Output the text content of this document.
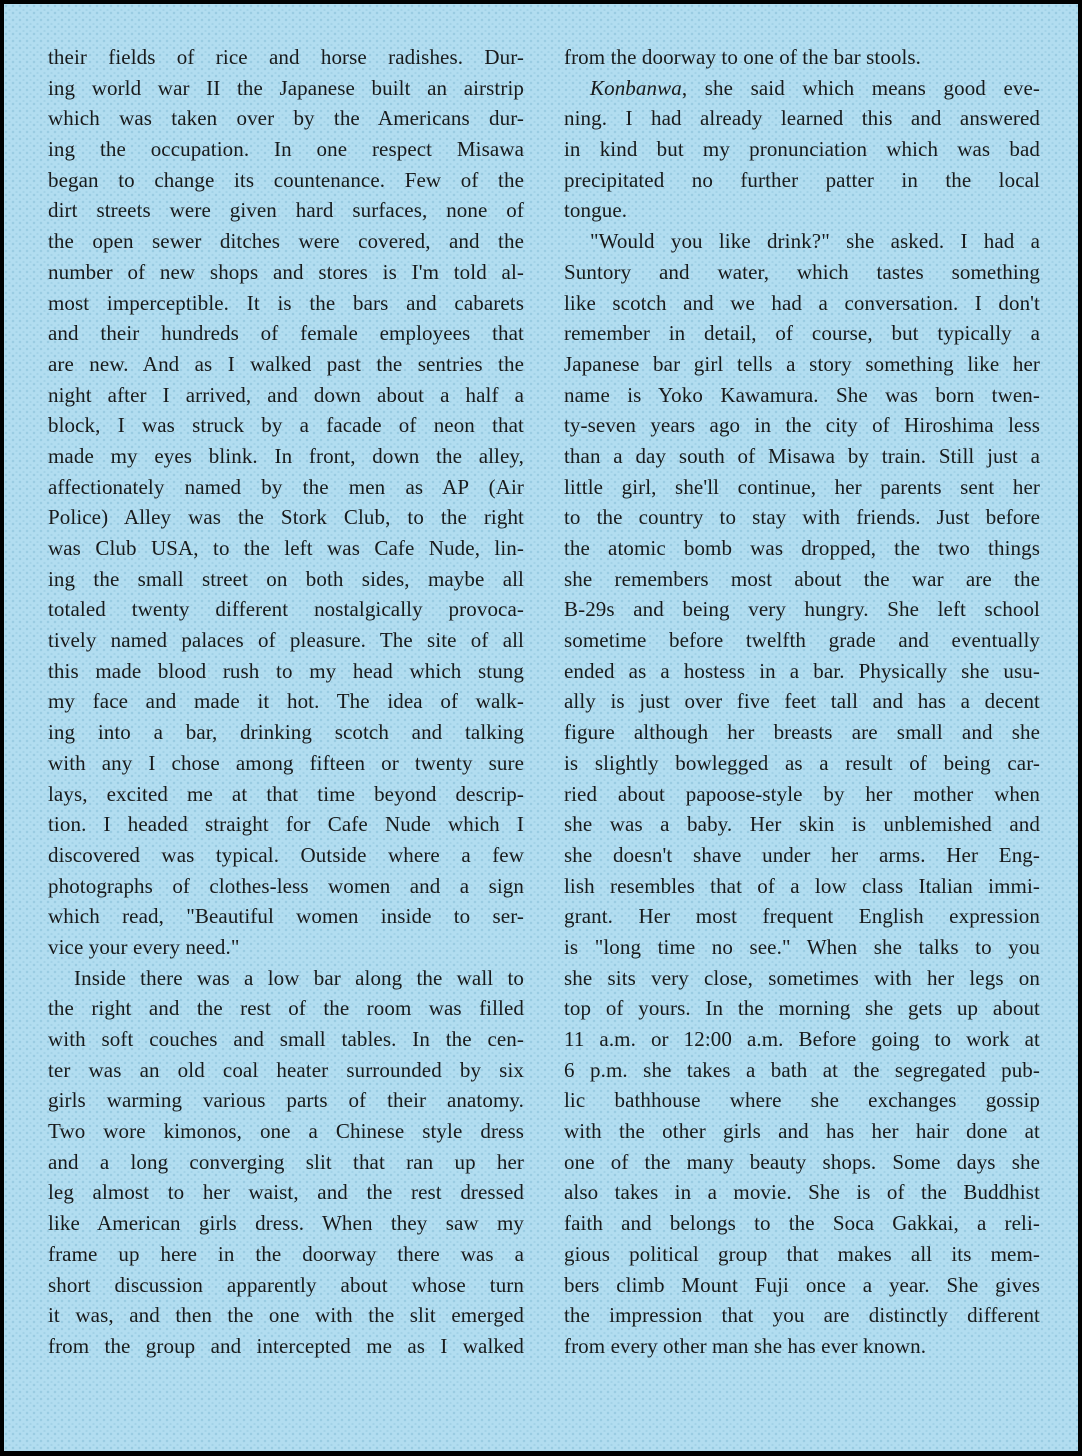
their fields of rice and horse radishes. Dur-
ing world war II the Japanese built an airstrip
which was taken over by the Americans dur-
ing the occupation. In one respect Misawa
began to change its countenance. Few of the
dirt streets were given hard surfaces, none of
the open sewer ditches were covered, and the
number of new shops and stores is I'm told al-
most imperceptible. It is the bars and cabarets
and their hundreds of female employees that
are new. And as I walked past the sentries the
night after I arrived, and down about a half a
block, I was struck by a facade of neon that
made my eyes blink. In front, down the alley,
affectionately named by the men as AP (Air
Police) Alley was the Stork Club, to the right
was Club USA, to the left was Cafe Nude, lin-
ing the small street on both sides, maybe all
totaled twenty different nostalgically provoca-
tively named palaces of pleasure. The site of all
this made blood rush to my head which stung
my face and made it hot. The idea of walk-
ing into a bar, drinking scotch and talking
with any I chose among fifteen or twenty sure
lays, excited me at that time beyond descrip-
tion. I headed straight for Cafe Nude which I
discovered was typical. Outside where a few
photographs of clothes-less women and a sign
which read, "Beautiful women inside to ser-
vice your every need."
Inside there was a low bar along the wall to
the right and the rest of the room was filled
with soft couches and small tables. In the cen-
ter was an old coal heater surrounded by six
girls warming various parts of their anatomy.
Two wore kimonos, one a Chinese style dress
and a long converging slit that ran up her
leg almost to her waist, and the rest dressed
like American girls dress. When they saw my
frame up here in the doorway there was a
short discussion apparently about whose turn
it was, and then the one with the slit emerged
from the group and intercepted me as I walked
from the doorway to one of the bar stools.
Konbanwa, she said which means good eve-
ning. I had already learned this and answered
in kind but my pronunciation which was bad
precipitated no further patter in the local
tongue.
"Would you like drink?" she asked. I had a
Suntory and water, which tastes something
like scotch and we had a conversation. I don't
remember in detail, of course, but typically a
Japanese bar girl tells a story something like her
name is Yoko Kawamura. She was born twen-
ty-seven years ago in the city of Hiroshima less
than a day south of Misawa by train. Still just a
little girl, she'll continue, her parents sent her
to the country to stay with friends. Just before
the atomic bomb was dropped, the two things
she remembers most about the war are the
B-29s and being very hungry. She left school
sometime before twelfth grade and eventually
ended as a hostess in a bar. Physically she usu-
ally is just over five feet tall and has a decent
figure although her breasts are small and she
is slightly bowlegged as a result of being car-
ried about papoose-style by her mother when
she was a baby. Her skin is unblemished and
she doesn't shave under her arms. Her Eng-
lish resembles that of a low class Italian immi-
grant. Her most frequent English expression
is "long time no see." When she talks to you
she sits very close, sometimes with her legs on
top of yours. In the morning she gets up about
11 a.m. or 12:00 a.m. Before going to work at
6 p.m. she takes a bath at the segregated pub-
lic bathhouse where she exchanges gossip
with the other girls and has her hair done at
one of the many beauty shops. Some days she
also takes in a movie. She is of the Buddhist
faith and belongs to the Soca Gakkai, a reli-
gious political group that makes all its mem-
bers climb Mount Fuji once a year. She gives
the impression that you are distinctly different
from every other man she has ever known.
